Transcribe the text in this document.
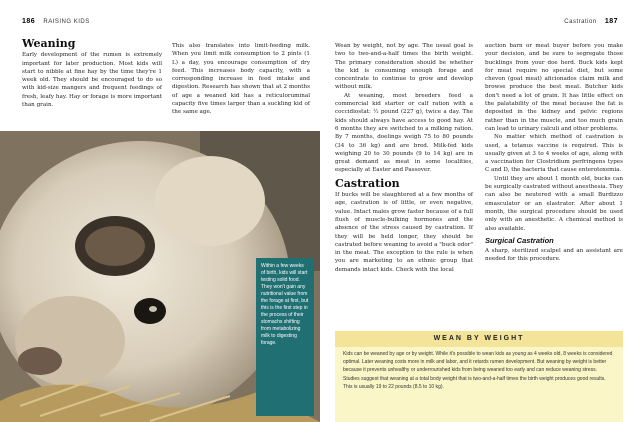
186 RAISING KIDS	Castration 187
Weaning

Early development of the rumen is extremely important for later production. Most kids will start to nibble at fine hay by the time they're 1 week old. They should be encouraged to do so with kid-size mangers and frequent feedings of fresh, leafy hay. Hay or forage is more important than grain.

This also translates into limit-feeding milk. When you limit milk consumption to 2 pints (1 L) a day, you encourage consumption of dry feed. This increases body capacity, with a corresponding increase in feed intake and digestion. Research has shown that at 2 months of age a weaned kid has a reticuloruminal capacity five times larger than a suckling kid of the same age.

Within a few weeks of birth, kids will start testing solid food. They won't gain any nutritional value from the forage at first, but this is the first step in the process of their stomachs shifting from metabolizing milk to digesting forage.

Wean by weight, not by age. The usual goal is two to two-and-a-half times the birth weight. The primary consideration should be whether the kid is consuming enough forage and concentrate to continue to grow and develop without milk.

At weaning, most breeders feed a commercial kid starter or calf ration with a coccidiostat: ½ pound (227 g), twice a day. The kids should always have access to good hay. At 6 months they are switched to a milking ration. By 7 months, doelings weigh 75 to 80 pounds (34 to 36 kg) and are bred. Milk-fed kids weighing 20 to 30 pounds (9 to 14 kg) are in great demand as meat in some localities, especially at Easter and Passover.

Castration

If bucks will be slaughtered at a few months of age, castration is of little, or even negative, value. Intact males grow faster because of a full flush of muscle-bulking hormones and the absence of the stress caused by castration. If they will be held longer, they should be castrated before weaning to avoid a "buck odor" in the meat. The exception to the rule is when you are marketing to an ethnic group that demands intact kids. Check with the local

auction barn or meat buyer before you make your decision, and be sure to segregate those bucklings from your doe herd. Buck kids kept for meat require no special diet, but some chevon (goat meat) aficionados claim milk and browse produce the best meat. Butcher kids don't need a lot of grain. It has little effect on the palatability of the meat because the fat is deposited in the kidney and pelvic regions rather than in the muscle, and too much grain can lead to urinary calculi and other problems.

No matter which method of castration is used, a tetanus vaccine is required. This is usually given at 3 to 4 weeks of age, along with a vaccination for Clostridium perfringens types C and D, the bacteria that cause enterotoxemia.

Until they are about 1 month old, bucks can be surgically castrated without anesthesia. They can also be neutered with a small Burdizzo emasculator or an elastrator. After about 1 month, the surgical procedure should be used only with an anesthetic. A chemical method is also available.

Surgical Castration

A sharp, sterilized scalpel and an assistant are needed for this procedure.

WEAN BY WEIGHT
Kids can be weaned by age or by weight. While it's possible to wean kids as young as 4 weeks old, 8 weeks is considered optimal. Later weaning costs more in milk and labor, and it retards rumen development. But weaning by weight is better because it prevents unhealthy or underrourished kids from being weaned too early and can reduce weaning stress. Studies suggest that weaning at a total body weight that is two-and-a-half times the birth weight produces good results. This is usually 19 to 22 pounds (8.5 to 10 kg).
